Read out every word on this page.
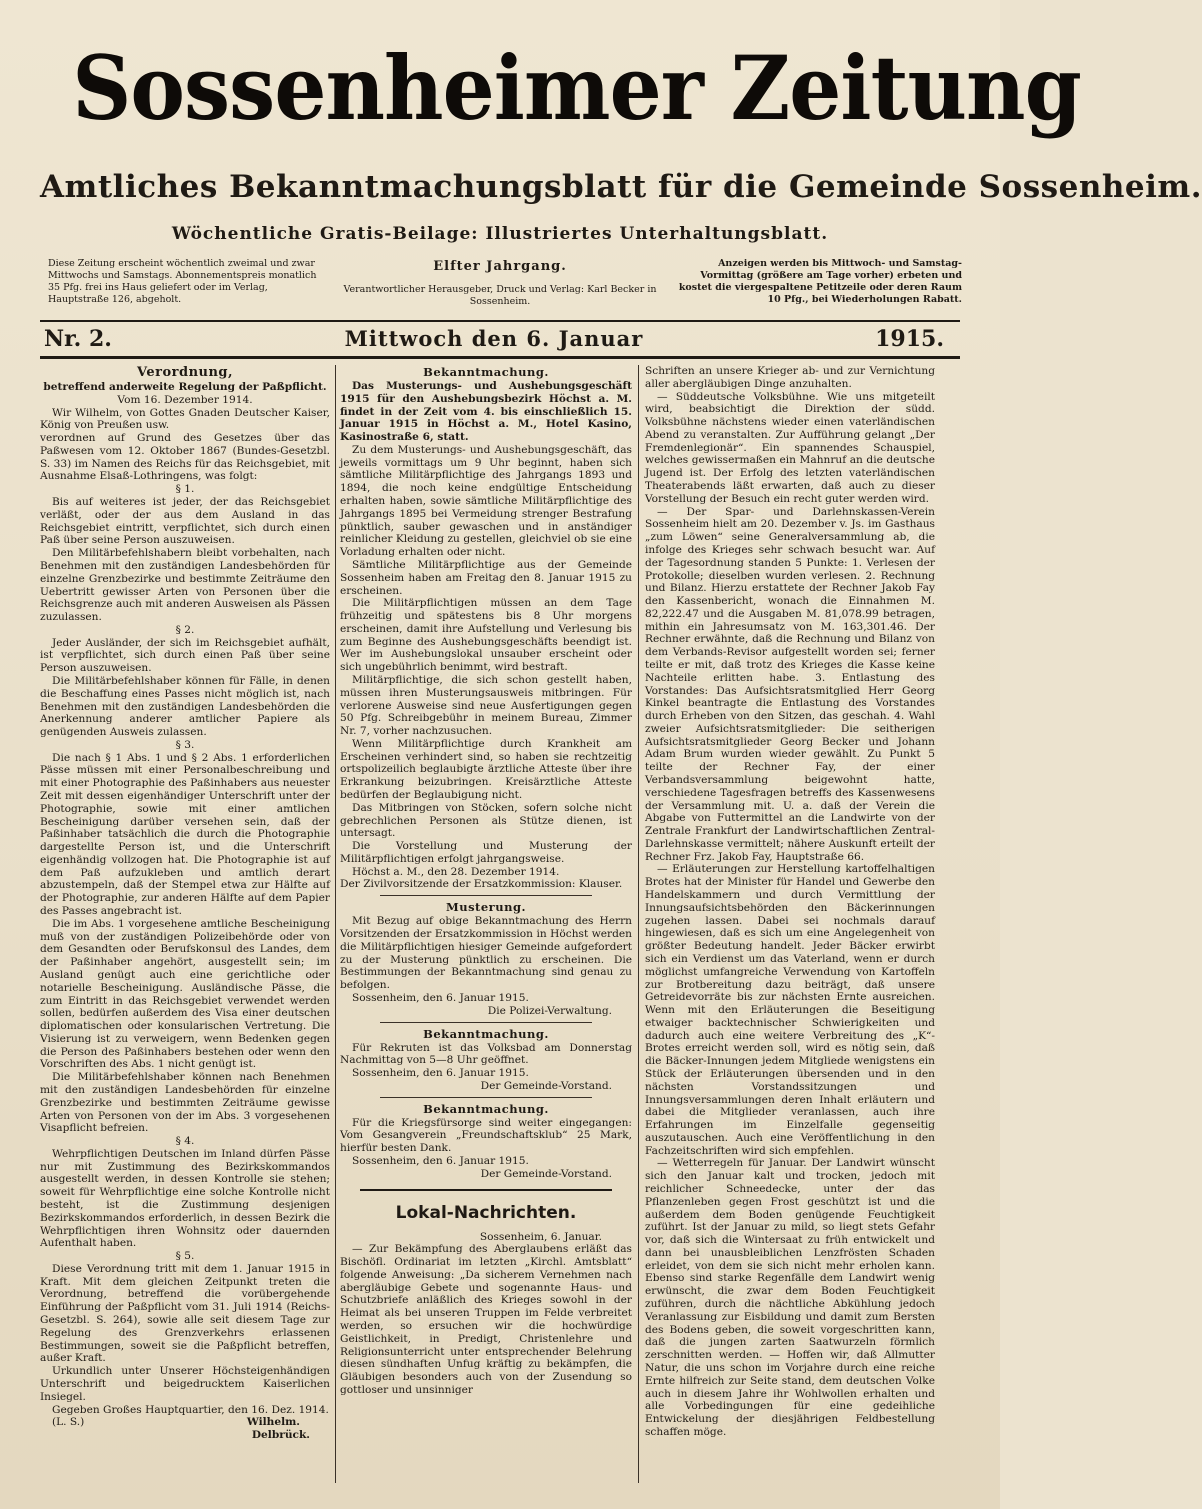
Sossenheimer Zeitung
Amtliches Bekanntmachungsblatt für die Gemeinde Sossenheim.
Wöchentliche Gratis-Beilage: Illustriertes Unterhaltungsblatt.
Diese Zeitung erscheint wöchentlich zweimal und zwar Mittwochs und Samstags. Abonnementspreis monatlich 35 Pfg. frei ins Haus geliefert oder im Verlag, Hauptstraße 126, abgeholt.
Elfter Jahrgang.
Verantwortlicher Herausgeber, Druck und Verlag: Karl Becker in Sossenheim.
Anzeigen werden bis Mittwoch- und Samstag-Vormittag (größere am Tage vorher) erbeten und kostet die viergespaltene Petitzeile oder deren Raum 10 Pfg., bei Wiederholungen Rabatt.
Nr. 2.	Mittwoch den 6. Januar	1915.

Verordnung,

betreffend anderweite Regelung der Paßpflicht.

Vom 16. Dezember 1914.

Wir Wilhelm, von Gottes Gnaden Deutscher Kaiser, König von Preußen usw.

verordnen auf Grund des Gesetzes über das Paßwesen vom 12. Oktober 1867 (Bundes-Gesetzbl. S. 33) im Namen des Reichs für das Reichsgebiet, mit Ausnahme Elsaß-Lothringens, was folgt:

§ 1.

Bis auf weiteres ist jeder, der das Reichsgebiet verläßt, oder der aus dem Ausland in das Reichsgebiet eintritt, verpflichtet, sich durch einen Paß über seine Person auszuweisen.

Den Militärbefehlshabern bleibt vorbehalten, nach Benehmen mit den zuständigen Landesbehörden für einzelne Grenzbezirke und bestimmte Zeiträume den Uebertritt gewisser Arten von Personen über die Reichsgrenze auch mit anderen Ausweisen als Pässen zuzulassen.

§ 2.

Jeder Ausländer, der sich im Reichsgebiet aufhält, ist verpflichtet, sich durch einen Paß über seine Person auszuweisen.

Die Militärbefehlshaber können für Fälle, in denen die Beschaffung eines Passes nicht möglich ist, nach Benehmen mit den zuständigen Landesbehörden die Anerkennung anderer amtlicher Papiere als genügenden Ausweis zulassen.

§ 3.

Die nach § 1 Abs. 1 und § 2 Abs. 1 erforderlichen Pässe müssen mit einer Personalbeschreibung und mit einer Photographie des Paßinhabers aus neuester Zeit mit dessen eigenhändiger Unterschrift unter der Photographie, sowie mit einer amtlichen Bescheinigung darüber versehen sein, daß der Paßinhaber tatsächlich die durch die Photographie dargestellte Person ist, und die Unterschrift eigenhändig vollzogen hat. Die Photographie ist auf dem Paß aufzukleben und amtlich derart abzustempeln, daß der Stempel etwa zur Hälfte auf der Photographie, zur anderen Hälfte auf dem Papier des Passes angebracht ist.

Die im Abs. 1 vorgesehene amtliche Bescheinigung muß von der zuständigen Polizeibehörde oder von dem Gesandten oder Berufskonsul des Landes, dem der Paßinhaber angehört, ausgestellt sein; im Ausland genügt auch eine gerichtliche oder notarielle Bescheinigung. Ausländische Pässe, die zum Eintritt in das Reichsgebiet verwendet werden sollen, bedürfen außerdem des Visa einer deutschen diplomatischen oder konsularischen Vertretung. Die Visierung ist zu verweigern, wenn Bedenken gegen die Person des Paßinhabers bestehen oder wenn den Vorschriften des Abs. 1 nicht genügt ist.

Die Militärbefehlshaber können nach Benehmen mit den zuständigen Landesbehörden für einzelne Grenzbezirke und bestimmten Zeiträume gewisse Arten von Personen von der im Abs. 3 vorgesehenen Visapflicht befreien.

§ 4.

Wehrpflichtigen Deutschen im Inland dürfen Pässe nur mit Zustimmung des Bezirkskommandos ausgestellt werden, in dessen Kontrolle sie stehen; soweit für Wehrpflichtige eine solche Kontrolle nicht besteht, ist die Zustimmung desjenigen Bezirkskommandos erforderlich, in dessen Bezirk die Wehrpflichtigen ihren Wohnsitz oder dauernden Aufenthalt haben.

§ 5.

Diese Verordnung tritt mit dem 1. Januar 1915 in Kraft. Mit dem gleichen Zeitpunkt treten die Verordnung, betreffend die vorübergehende Einführung der Paßpflicht vom 31. Juli 1914 (Reichs-Gesetzbl. S. 264), sowie alle seit diesem Tage zur Regelung des Grenzverkehrs erlassenen Bestimmungen, soweit sie die Paßpflicht betreffen, außer Kraft.

Urkundlich unter Unserer Höchsteigenhändigen Unterschrift und beigedrucktem Kaiserlichen Insiegel.

Gegeben Großes Hauptquartier, den 16. Dez. 1914.

(L. S.)	Wilhelm.

Delbrück.

Bekanntmachung.

Das Musterungs- und Aushebungsgeschäft 1915 für den Aushebungsbezirk Höchst a. M. findet in der Zeit vom 4. bis einschließlich 15. Januar 1915 in Höchst a. M., Hotel Kasino, Kasinostraße 6, statt.

Zu dem Musterungs- und Aushebungsgeschäft, das jeweils vormittags um 9 Uhr beginnt, haben sich sämtliche Militärpflichtige des Jahrgangs 1893 und 1894, die noch keine endgültige Entscheidung erhalten haben, sowie sämtliche Militärpflichtige des Jahrgangs 1895 bei Vermeidung strenger Bestrafung pünktlich, sauber gewaschen und in anständiger reinlicher Kleidung zu gestellen, gleichviel ob sie eine Vorladung erhalten oder nicht.

Sämtliche Militärpflichtige aus der Gemeinde Sossenheim haben am Freitag den 8. Januar 1915 zu erscheinen.

Die Militärpflichtigen müssen an dem Tage frühzeitig und spätestens bis 8 Uhr morgens erscheinen, damit ihre Aufstellung und Verlesung bis zum Beginne des Aushebungsgeschäfts beendigt ist. Wer im Aushebungslokal unsauber erscheint oder sich ungebührlich benimmt, wird bestraft.

Militärpflichtige, die sich schon gestellt haben, müssen ihren Musterungsausweis mitbringen. Für verlorene Ausweise sind neue Ausfertigungen gegen 50 Pfg. Schreibgebühr in meinem Bureau, Zimmer Nr. 7, vorher nachzusuchen.

Wenn Militärpflichtige durch Krankheit am Erscheinen verhindert sind, so haben sie rechtzeitig ortspolizeilich beglaubigte ärztliche Atteste über ihre Erkrankung beizubringen. Kreisärztliche Atteste bedürfen der Beglaubigung nicht.

Das Mitbringen von Stöcken, sofern solche nicht gebrechlichen Personen als Stütze dienen, ist untersagt.

Die Vorstellung und Musterung der Militärpflichtigen erfolgt jahrgangsweise.

Höchst a. M., den 28. Dezember 1914.

Der Zivilvorsitzende der Ersatzkommission: Klauser.

Musterung.

Mit Bezug auf obige Bekanntmachung des Herrn Vorsitzenden der Ersatzkommission in Höchst werden die Militärpflichtigen hiesiger Gemeinde aufgefordert zu der Musterung pünktlich zu erscheinen. Die Bestimmungen der Bekanntmachung sind genau zu befolgen.

Sossenheim, den 6. Januar 1915.

Die Polizei-Verwaltung.

Bekanntmachung.

Für Rekruten ist das Volksbad am Donnerstag Nachmittag von 5—8 Uhr geöffnet.

Sossenheim, den 6. Januar 1915.

Der Gemeinde-Vorstand.

Bekanntmachung.

Für die Kriegsfürsorge sind weiter eingegangen: Vom Gesangverein „Freundschaftsklub“ 25 Mark, hierfür besten Dank.

Sossenheim, den 6. Januar 1915.

Der Gemeinde-Vorstand.

Lokal-Nachrichten.

Sossenheim, 6. Januar.

— Zur Bekämpfung des Aberglaubens erläßt das Bischöfl. Ordinariat im letzten „Kirchl. Amtsblatt“ folgende Anweisung: „Da sicherem Vernehmen nach abergläubige Gebete und sogenannte Haus- und Schutzbriefe anläßlich des Krieges sowohl in der Heimat als bei unseren Truppen im Felde verbreitet werden, so ersuchen wir die hochwürdige Geistlichkeit, in Predigt, Christenlehre und Religionsunterricht unter entsprechender Belehrung diesen sündhaften Unfug kräftig zu bekämpfen, die Gläubigen besonders auch von der Zusendung so gottloser und unsinniger

Schriften an unsere Krieger ab- und zur Vernichtung aller abergläubigen Dinge anzuhalten.

— Süddeutsche Volksbühne. Wie uns mitgeteilt wird, beabsichtigt die Direktion der südd. Volksbühne nächstens wieder einen vaterländischen Abend zu veranstalten. Zur Aufführung gelangt „Der Fremdenlegionär“. Ein spannendes Schauspiel, welches gewissermaßen ein Mahnruf an die deutsche Jugend ist. Der Erfolg des letzten vaterländischen Theaterabends läßt erwarten, daß auch zu dieser Vorstellung der Besuch ein recht guter werden wird.

— Der Spar- und Darlehnskassen-Verein Sossenheim hielt am 20. Dezember v. Js. im Gasthaus „zum Löwen“ seine Generalversammlung ab, die infolge des Krieges sehr schwach besucht war. Auf der Tagesordnung standen 5 Punkte: 1. Verlesen der Protokolle; dieselben wurden verlesen. 2. Rechnung und Bilanz. Hierzu erstattete der Rechner Jakob Fay den Kassenbericht, wonach die Einnahmen M. 82,222.47 und die Ausgaben M. 81,078.99 betragen, mithin ein Jahresumsatz von M. 163,301.46. Der Rechner erwähnte, daß die Rechnung und Bilanz von dem Verbands-Revisor aufgestellt worden sei; ferner teilte er mit, daß trotz des Krieges die Kasse keine Nachteile erlitten habe. 3. Entlastung des Vorstandes: Das Aufsichtsratsmitglied Herr Georg Kinkel beantragte die Entlastung des Vorstandes durch Erheben von den Sitzen, das geschah. 4. Wahl zweier Aufsichtsratsmitglieder: Die seitherigen Aufsichtsratsmitglieder Georg Becker und Johann Adam Brum wurden wieder gewählt. Zu Punkt 5 teilte der Rechner Fay, der einer Verbandsversammlung beigewohnt hatte, verschiedene Tagesfragen betreffs des Kassenwesens der Versammlung mit. U. a. daß der Verein die Abgabe von Futtermittel an die Landwirte von der Zentrale Frankfurt der Landwirtschaftlichen Zentral-Darlehnskasse vermittelt; nähere Auskunft erteilt der Rechner Frz. Jakob Fay, Hauptstraße 66.

— Erläuterungen zur Herstellung kartoffelhaltigen Brotes hat der Minister für Handel und Gewerbe den Handelskammern und durch Vermittlung der Innungsaufsichtsbehörden den Bäckerinnungen zugehen lassen. Dabei sei nochmals darauf hingewiesen, daß es sich um eine Angelegenheit von größter Bedeutung handelt. Jeder Bäcker erwirbt sich ein Verdienst um das Vaterland, wenn er durch möglichst umfangreiche Verwendung von Kartoffeln zur Brotbereitung dazu beiträgt, daß unsere Getreidevorräte bis zur nächsten Ernte ausreichen. Wenn mit den Erläuterungen die Beseitigung etwaiger backtechnischer Schwierigkeiten und dadurch auch eine weitere Verbreitung des „K“-Brotes erreicht werden soll, wird es nötig sein, daß die Bäcker-Innungen jedem Mitgliede wenigstens ein Stück der Erläuterungen übersenden und in den nächsten Vorstandssitzungen und Innungsversammlungen deren Inhalt erläutern und dabei die Mitglieder veranlassen, auch ihre Erfahrungen im Einzelfalle gegenseitig auszutauschen. Auch eine Veröffentlichung in den Fachzeitschriften wird sich empfehlen.

— Wetterregeln für Januar. Der Landwirt wünscht sich den Januar kalt und trocken, jedoch mit reichlicher Schneedecke, unter der das Pflanzenleben gegen Frost geschützt ist und die außerdem dem Boden genügende Feuchtigkeit zuführt. Ist der Januar zu mild, so liegt stets Gefahr vor, daß sich die Wintersaat zu früh entwickelt und dann bei unausbleiblichen Lenzfrösten Schaden erleidet, von dem sie sich nicht mehr erholen kann. Ebenso sind starke Regenfälle dem Landwirt wenig erwünscht, die zwar dem Boden Feuchtigkeit zuführen, durch die nächtliche Abkühlung jedoch Veranlassung zur Eisbildung und damit zum Bersten des Bodens geben, die soweit vorgeschritten kann, daß die jungen zarten Saatwurzeln förmlich zerschnitten werden. — Hoffen wir, daß Allmutter Natur, die uns schon im Vorjahre durch eine reiche Ernte hilfreich zur Seite stand, dem deutschen Volke auch in diesem Jahre ihr Wohlwollen erhalten und alle Vorbedingungen für eine gedeihliche Entwickelung der diesjährigen Feldbestellung schaffen möge.
